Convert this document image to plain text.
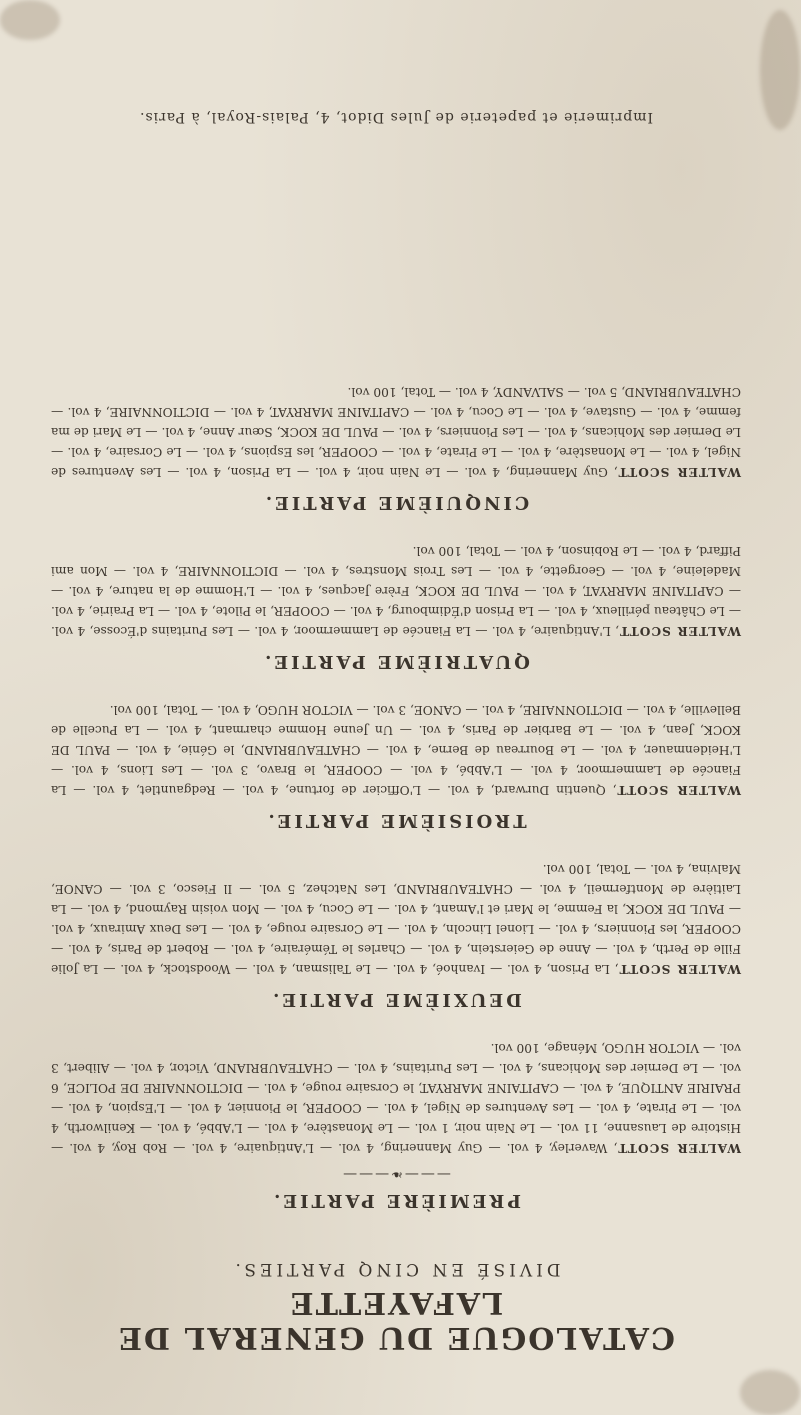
CATALOGUE DU GENERAL DE LAFAYETTE
DIVISÉ EN CINQ PARTIES.
PREMIÈRE PARTIE.
———❧———
WALTER SCOTT, Waverley, 4 vol. — Guy Mannering, 4 vol. — L'Antiquaire, 4 vol. — Rob Roy, 4 vol. — Histoire de Lausanne, 11 vol. — Le Nain noir, 1 vol. — Le Monastère, 4 vol. — L'Abbé, 4 vol. — Kenilworth, 4 vol. — Le Pirate, 4 vol. — Les Aventures de Nigel, 4 vol. — COOPER, le Pionnier, 4 vol. — L'Espion, 4 vol. — PRAIRIE ANTIQUE, 4 vol. — CAPITAINE MARRYAT, le Corsaire rouge, 4 vol. — DICTIONNAIRE DE POLICE, 6 vol. — Le Dernier des Mohicans, 4 vol. — Les Puritains, 4 vol. — CHATEAUBRIAND, Victor, 4 vol. — Alibert, 3 vol. — VICTOR HUGO, Ménage, 100 vol.
DEUXIÈME PARTIE.
WALTER SCOTT, La Prison, 4 vol. — Ivanhoé, 4 vol. — Le Talisman, 4 vol. — Woodstock, 4 vol. — La Jolie Fille de Perth, 4 vol. — Anne de Geierstein, 4 vol. — Charles le Téméraire, 4 vol. — Robert de Paris, 4 vol. — COOPER, les Pionniers, 4 vol. — Lionel Lincoln, 4 vol. — Le Corsaire rouge, 4 vol. — Les Deux Amiraux, 4 vol. — PAUL DE KOCK, la Femme, le Mari et l'Amant, 4 vol. — Le Cocu, 4 vol. — Mon voisin Raymond, 4 vol. — La Laitière de Montfermeil, 4 vol. — CHATEAUBRIAND, Les Natchez, 5 vol. — Il Fiesco, 3 vol. — CANOE, Malvina, 4 vol. — Total, 100 vol.
TROISIÈME PARTIE.
WALTER SCOTT, Quentin Durward, 4 vol. — L'Officier de fortune, 4 vol. — Redgauntlet, 4 vol. — La Fiancée de Lammermoor, 4 vol. — L'Abbé, 4 vol. — COOPER, le Bravo, 3 vol. — Les Lions, 4 vol. — L'Heidenmauer, 4 vol. — Le Bourreau de Berne, 4 vol. — CHATEAUBRIAND, le Génie, 4 vol. — PAUL DE KOCK, Jean, 4 vol. — Le Barbier de Paris, 4 vol. — Un Jeune Homme charmant, 4 vol. — La Pucelle de Belleville, 4 vol. — DICTIONNAIRE, 4 vol. — CANOE, 3 vol. — VICTOR HUGO, 4 vol. — Total, 100 vol.
QUATRIÈME PARTIE.
WALTER SCOTT, L'Antiquaire, 4 vol. — La Fiancée de Lammermoor, 4 vol. — Les Puritains d'Écosse, 4 vol. — Le Château périlleux, 4 vol. — La Prison d'Édimbourg, 4 vol. — COOPER, le Pilote, 4 vol. — La Prairie, 4 vol. — CAPITAINE MARRYAT, 4 vol. — PAUL DE KOCK, Frère Jacques, 4 vol. — L'Homme de la nature, 4 vol. — Madeleine, 4 vol. — Georgette, 4 vol. — Les Trois Monstres, 4 vol. — DICTIONNAIRE, 4 vol. — Mon ami Piffard, 4 vol. — Le Robinson, 4 vol. — Total, 100 vol.
CINQUIÈME PARTIE.
WALTER SCOTT, Guy Mannering, 4 vol. — Le Nain noir, 4 vol. — La Prison, 4 vol. — Les Aventures de Nigel, 4 vol. — Le Monastère, 4 vol. — Le Pirate, 4 vol. — COOPER, les Espions, 4 vol. — Le Corsaire, 4 vol. — Le Dernier des Mohicans, 4 vol. — Les Pionniers, 4 vol. — PAUL DE KOCK, Sœur Anne, 4 vol. — Le Mari de ma femme, 4 vol. — Gustave, 4 vol. — Le Cocu, 4 vol. — CAPITAINE MARRYAT, 4 vol. — DICTIONNAIRE, 4 vol. — CHATEAUBRIAND, 5 vol. — SALVANDY, 4 vol. — Total, 100 vol.
Imprimerie et papeterie de Jules Didot, 4, Palais-Royal, à Paris.
